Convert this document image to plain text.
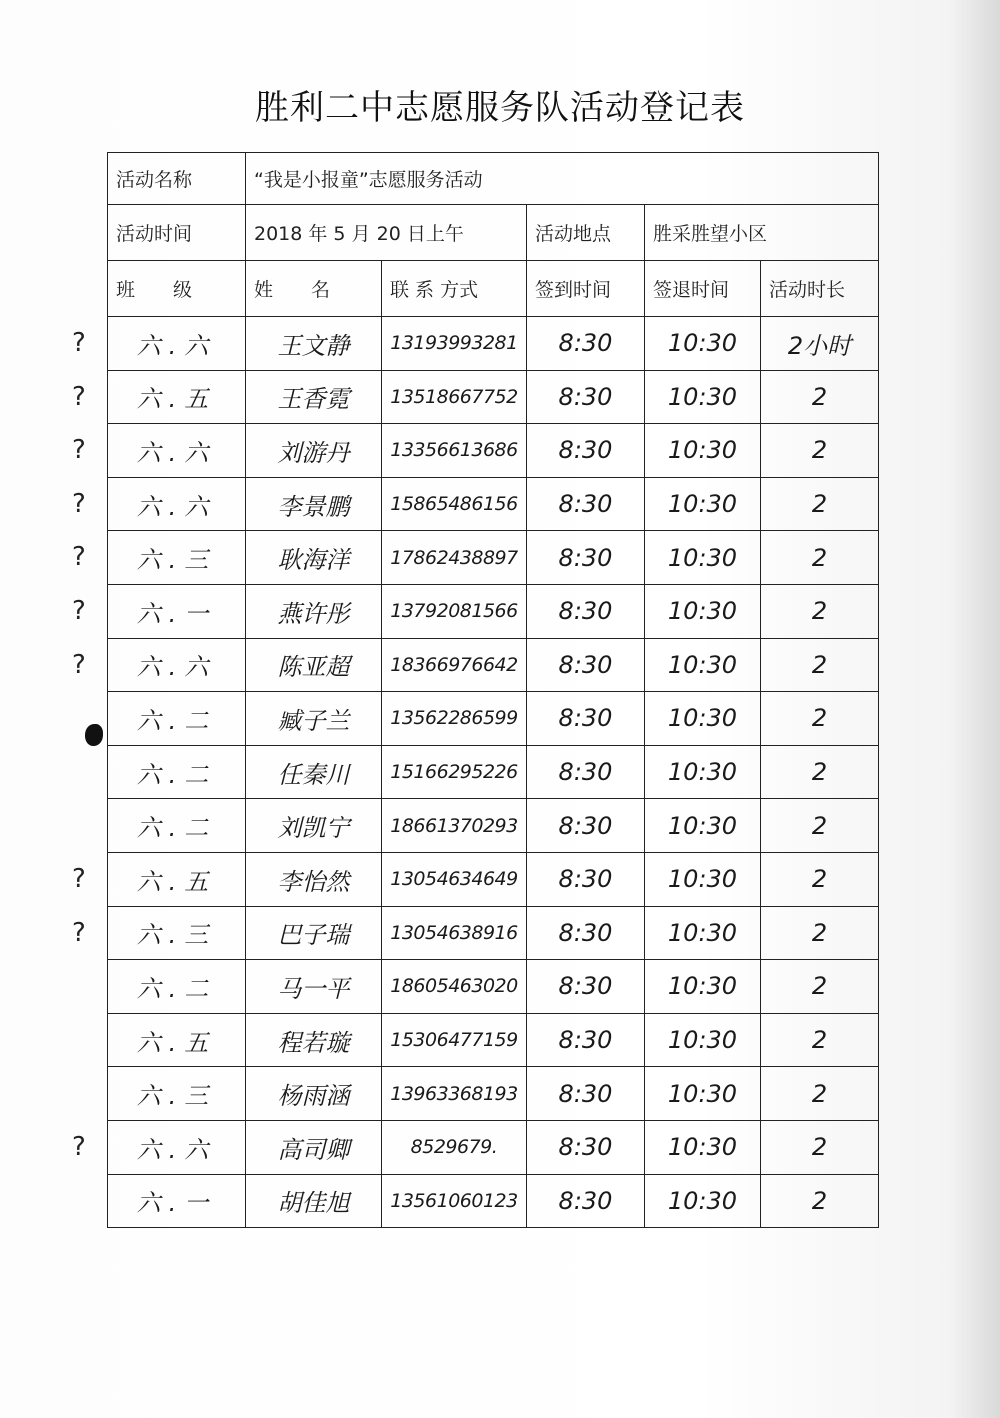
胜利二中志愿服务队活动登记表
活动名称	“我是小报童”志愿服务活动				
活动时间	2018 年 5 月 20 日上午		活动地点	胜采胜望小区	
班　　级	姓　　名	联 系 方式	签到时间	签退时间	活动时长
六.六	王文静	13193993281	8:30	10:30	2小时
六.五	王香霓	13518667752	8:30	10:30	2
六.六	刘游丹	13356613686	8:30	10:30	2
六.六	李景鹏	15865486156	8:30	10:30	2
六.三	耿海洋	17862438897	8:30	10:30	2
六.一	燕许彤	13792081566	8:30	10:30	2
六.六	陈亚超	18366976642	8:30	10:30	2
六.二	臧子兰	13562286599	8:30	10:30	2
六.二	任秦川	15166295226	8:30	10:30	2
六.二	刘凯宁	18661370293	8:30	10:30	2
六.五	李怡然	13054634649	8:30	10:30	2
六.三	巴子瑞	13054638916	8:30	10:30	2
六.二	马一平	18605463020	8:30	10:30	2
六.五	程若璇	15306477159	8:30	10:30	2
六.三	杨雨涵	13963368193	8:30	10:30	2
六.六	高司卿	8529679.	8:30	10:30	2
六.一	胡佳旭	13561060123	8:30	10:30	2
?
?
?
?
?
?
?
?
?
?
